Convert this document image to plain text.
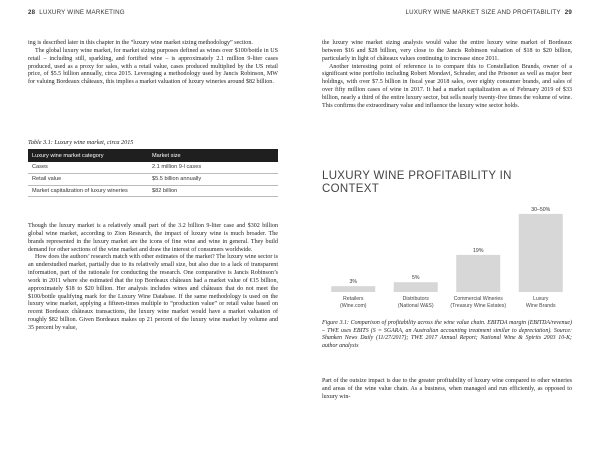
28 LUXURY WINE MARKETING

ing is described later in this chapter in the “luxury wine market sizing methodology” section.

The global luxury wine market, for market sizing purposes defined as wines over $100/bottle in US retail – including still, sparkling, and fortified wine – is approximately 2.1 million 9-liter cases produced, used as a proxy for sales, with a retail value, cases produced multiplied by the US retail price, of $5.5 billion annually, circa 2015. Leveraging a methodology used by Jancis Robinson, MW for valuing Bordeaux châteaux, this implies a market valuation of luxury wineries around $82 billion.

Table 3.1: Luxury wine market, circa 2015
Luxury wine market category	Market size
Cases	2.1 million 9-l cases
Retail value	$5.5 billion annually
Market capitalization of luxury wineries	$82 billion

Though the luxury market is a relatively small part of the 3.2 billion 9-liter case and $302 billion global wine market, according to Zion Research, the impact of luxury wine is much broader. The brands represented in the luxury market are the icons of fine wine and wine in general. They build demand for other sections of the wine market and draw the interest of consumers worldwide.

How does the authors’ research match with other estimates of the market? The luxury wine sector is an understudied market, partially due to its relatively small size, but also due to a lack of transparent information, part of the rationale for conducting the research. One comparative is Jancis Robinson’s work in 2011 where she estimated that the top Bordeaux châteaux had a market value of €15 billion, approximately $18 to $20 billion. Her analysis includes wines and châteaux that do not meet the $100/bottle qualifying mark for the Luxury Wine Database. If the same methodology is used on the luxury wine market, applying a fifteen-times multiple to “production value” or retail value based on recent Bordeaux châteaux transactions, the luxury wine market would have a market valuation of roughly $82 billion. Given Bordeaux makes up 21 percent of the luxury wine market by volume and 35 percent by value,

LUXURY WINE MARKET SIZE AND PROFITABILITY 29

the luxury wine market sizing analysis would value the entire luxury wine market of Bordeaux between $16 and $28 billion, very close to the Jancis Robinson valuation of $18 to $20 billion, particularly in light of châteaux values continuing to increase since 2011.

Another interesting point of reference is to compare this to Constellation Brands, owner of a significant wine portfolio including Robert Mondavi, Schrader, and the Prisoner as well as major beer holdings, with over $7.5 billion in fiscal year 2018 sales, over eighty consumer brands, and sales of over fifty million cases of wine in 2017. It had a market capitalization as of February 2019 of $33 billion, nearly a third of the entire luxury sector, but sells nearly twenty-five times the volume of wine. This confirms the extraordinary value and influence the luxury wine sector holds.

LUXURY WINE PROFITABILITY IN CONTEXT
3%
Retailers
(Wine.com)
5%
Distributors
(National W&S)
19%
Commercial Wineries
(Treasury Wine Estates)
30–50%
Luxury
Wine Brands
Figure 3.1: Comparison of profitability across the wine value chain. EBITDA margin (EBITDA/revenue) – TWE uses EBITS (S = SGARA, an Australian accounting treatment similar to depreciation). Source: Shanken News Daily (11/27/2017); TWE 2017 Annual Report; National Wine & Spirits 2003 10-K; author analysis

Part of the outsize impact is due to the greater profitability of luxury wine compared to other wineries and areas of the wine value chain. As a business, when managed and run efficiently, as opposed to luxury win-
